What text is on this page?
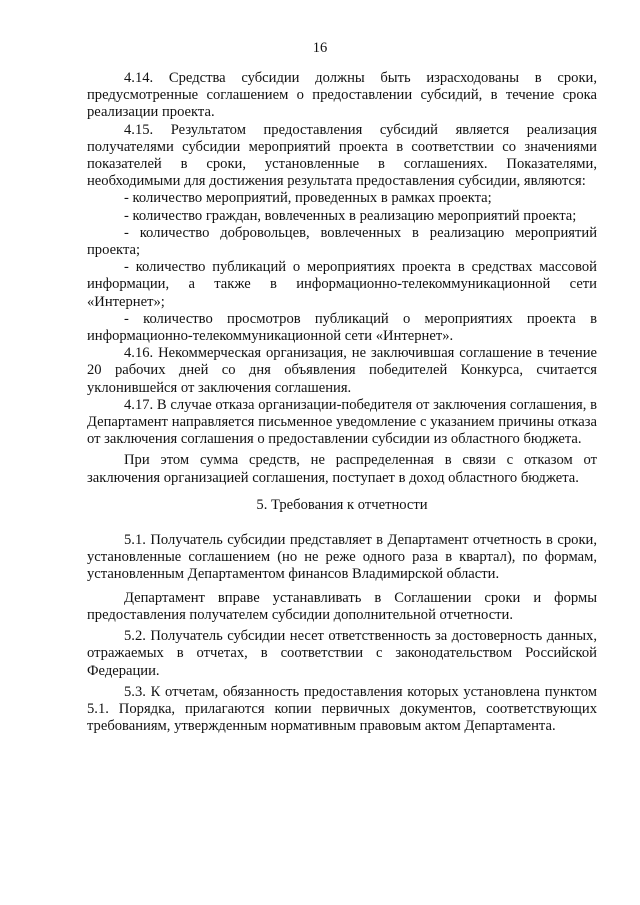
16

4.14. Средства субсидии должны быть израсходованы в сроки, предусмотренные соглашением о предоставлении субсидий, в течение срока реализации проекта.

4.15. Результатом предоставления субсидий является реализация получателями субсидии мероприятий проекта в соответствии со значениями показателей в сроки, установленные в соглашениях. Показателями, необходимыми для достижения результата предоставления субсидии, являются:

- количество мероприятий, проведенных в рамках проекта;

- количество граждан, вовлеченных в реализацию мероприятий проекта;

- количество добровольцев, вовлеченных в реализацию мероприятий проекта;

- количество публикаций о мероприятиях проекта в средствах массовой информации, а также в информационно-телекоммуникационной сети «Интернет»;

- количество просмотров публикаций о мероприятиях проекта в информационно-телекоммуникационной сети «Интернет».

4.16. Некоммерческая организация, не заключившая соглашение в течение 20 рабочих дней со дня объявления победителей Конкурса, считается уклонившейся от заключения соглашения.

4.17. В случае отказа организации-победителя от заключения соглашения, в Департамент направляется письменное уведомление с указанием причины отказа от заключения соглашения о предоставлении субсидии из областного бюджета.

При этом сумма средств, не распределенная в связи с отказом от заключения организацией соглашения, поступает в доход областного бюджета.

5. Требования к отчетности

5.1. Получатель субсидии представляет в Департамент отчетность в сроки, установленные соглашением (но не реже одного раза в квартал), по формам, установленным Департаментом финансов Владимирской области.

Департамент вправе устанавливать в Соглашении сроки и формы предоставления получателем субсидии дополнительной отчетности.

5.2. Получатель субсидии несет ответственность за достоверность данных, отражаемых в отчетах, в соответствии с законодательством Российской Федерации.

5.3. К отчетам, обязанность предоставления которых установлена пунктом 5.1. Порядка, прилагаются копии первичных документов, соответствующих требованиям, утвержденным нормативным правовым актом Департамента.
